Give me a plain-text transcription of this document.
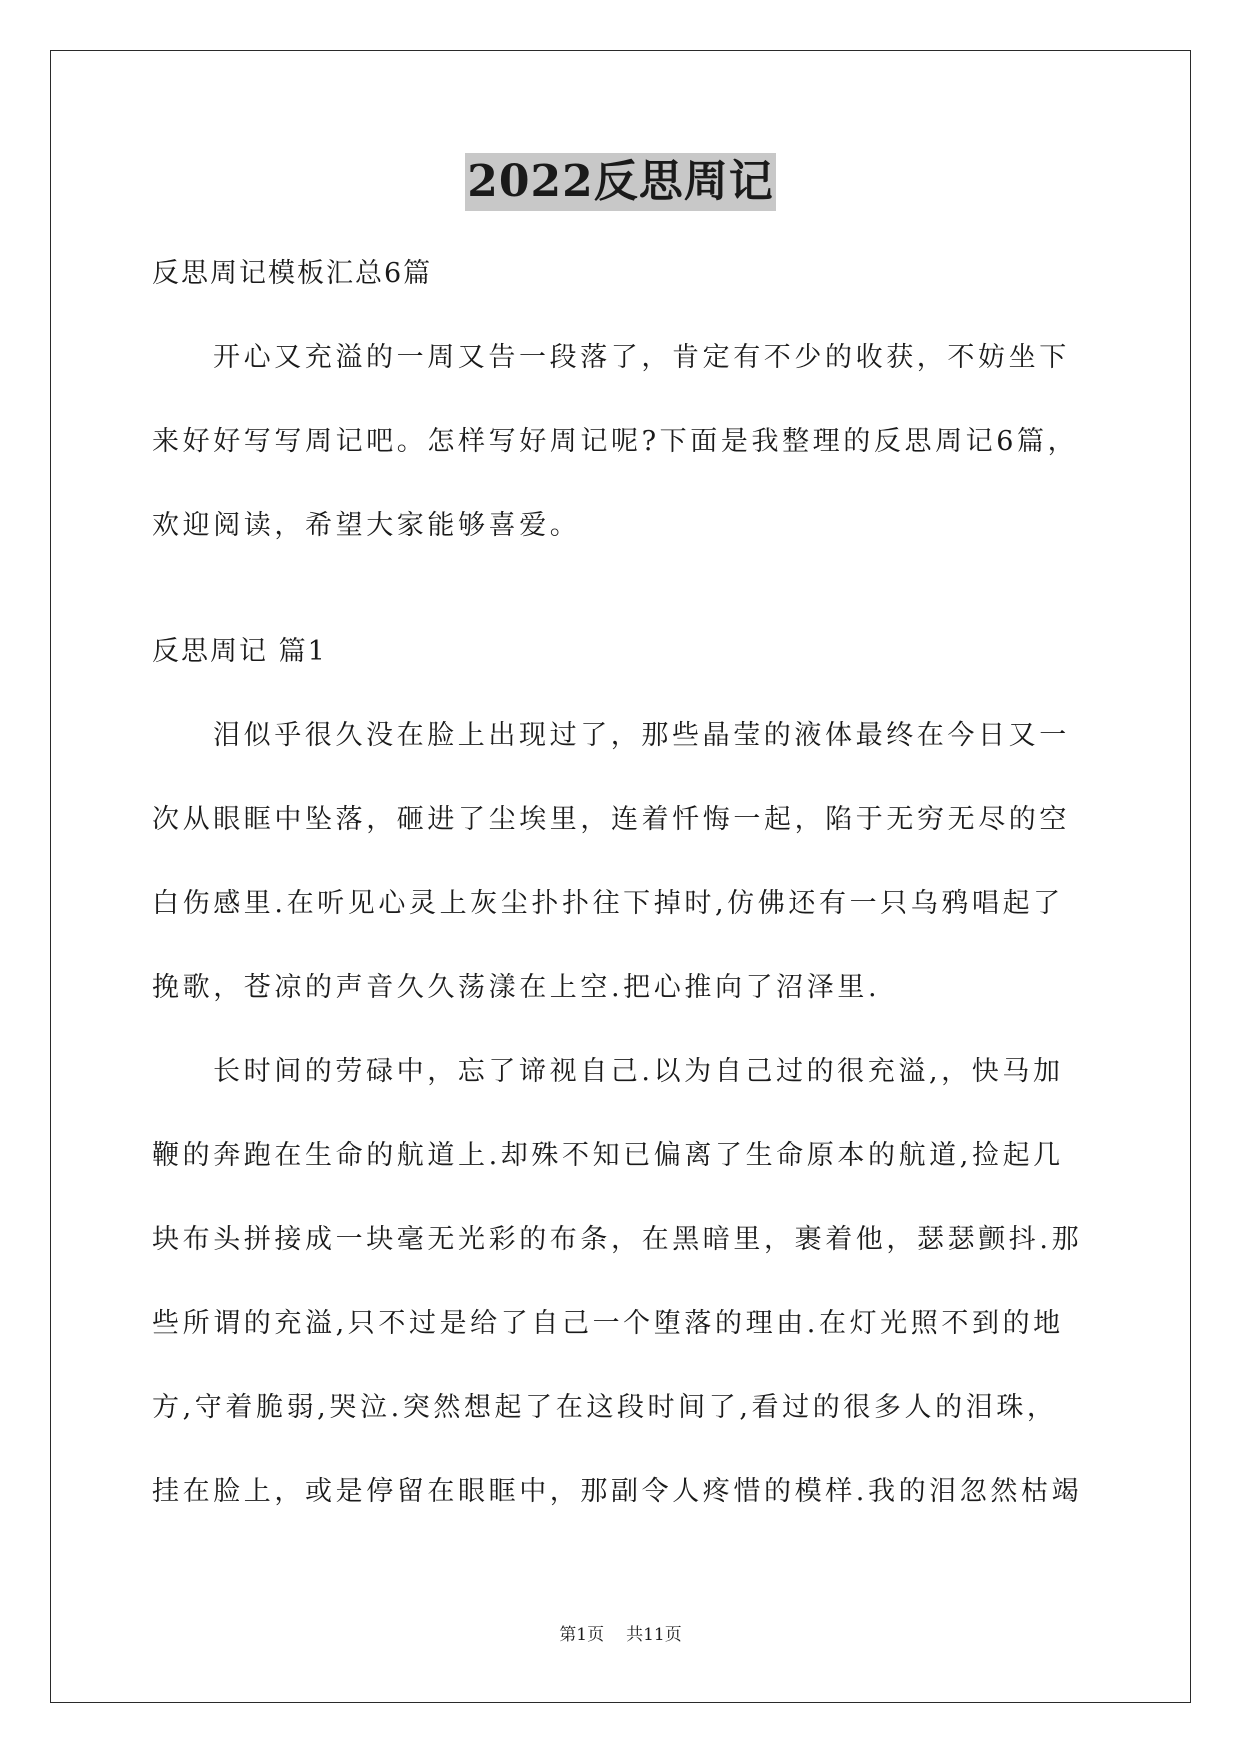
2022反思周记
反思周记模板汇总6篇
开心又充溢的一周又告一段落了，肯定有不少的收获，不妨坐下
来好好写写周记吧。怎样写好周记呢?下面是我整理的反思周记6篇，
欢迎阅读，希望大家能够喜爱。
反思周记 篇1
泪似乎很久没在脸上出现过了，那些晶莹的液体最终在今日又一
次从眼眶中坠落，砸进了尘埃里，连着忏悔一起，陷于无穷无尽的空
白伤感里.在听见心灵上灰尘扑扑往下掉时,仿佛还有一只乌鸦唱起了
挽歌，苍凉的声音久久荡漾在上空.把心推向了沼泽里.
长时间的劳碌中，忘了谛视自己.以为自己过的很充溢,，快马加
鞭的奔跑在生命的航道上.却殊不知已偏离了生命原本的航道,捡起几
块布头拼接成一块毫无光彩的布条，在黑暗里，裹着他，瑟瑟颤抖.那
些所谓的充溢,只不过是给了自己一个堕落的理由.在灯光照不到的地
方,守着脆弱,哭泣.突然想起了在这段时间了,看过的很多人的泪珠，
挂在脸上，或是停留在眼眶中，那副令人疼惜的模样.我的泪忽然枯竭
第1页 共11页
